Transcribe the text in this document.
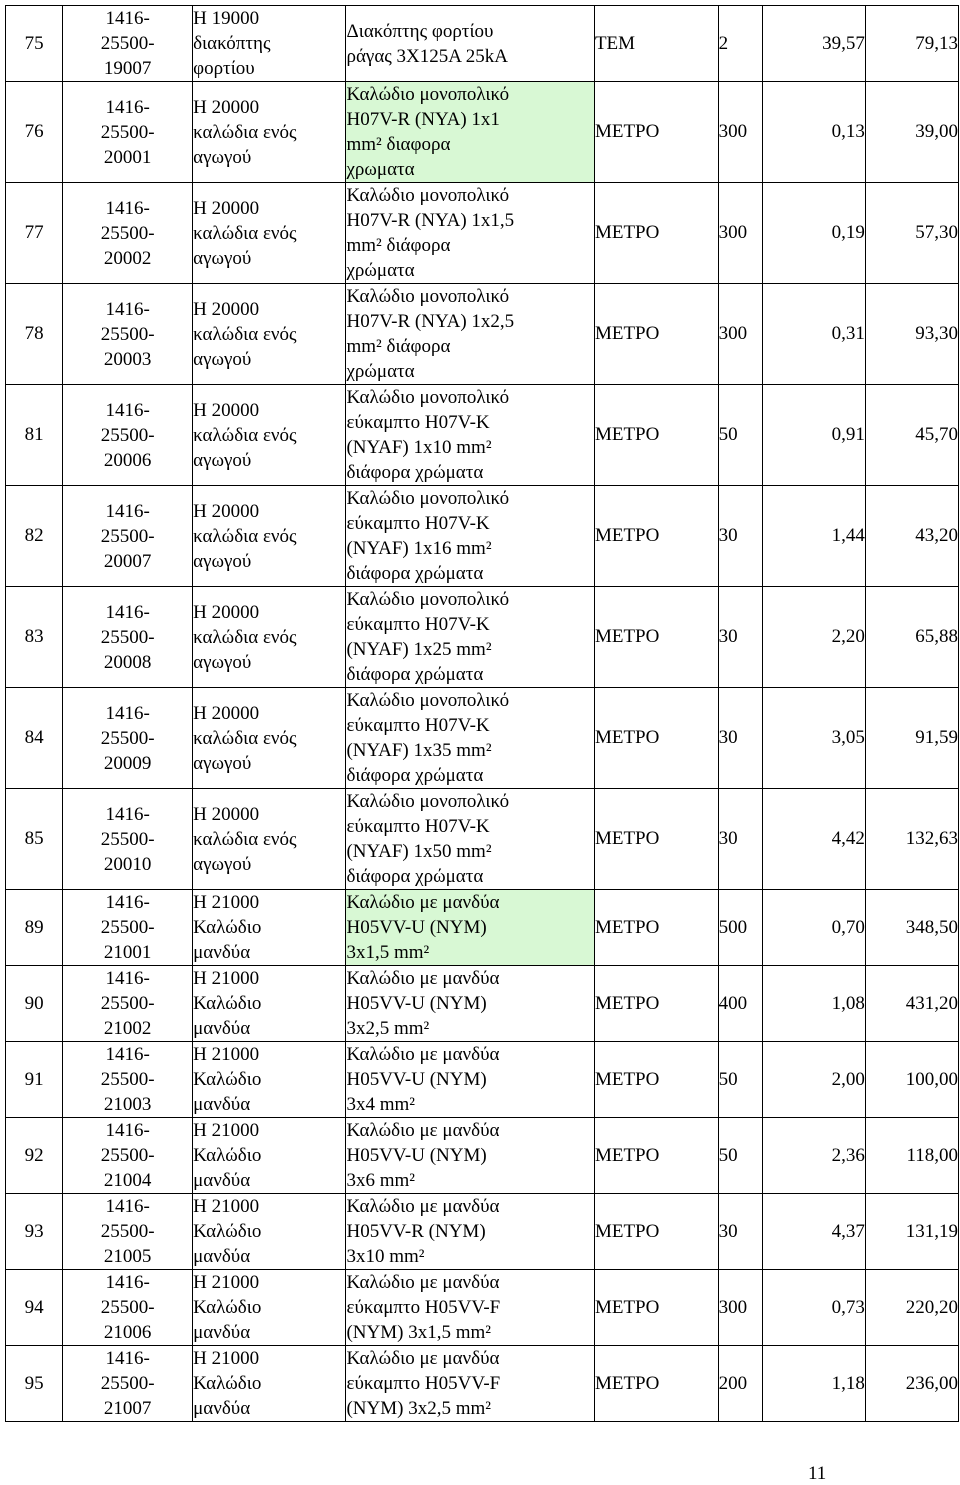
75	1416-
25500-
19007	H 19000
διακόπτης
φορτίου	Διακόπτης φορτίου
ράγας 3X125A 25kA	ΤΕΜ	2	39,57	79,13
76	1416-
25500-
20001	H 20000
καλώδια ενός
αγωγού	Καλώδιο μονοπολικό
H07V-R (NYA) 1x1
mm² διαφορα
χρωματα	ΜΕΤΡΟ	300	0,13	39,00
77	1416-
25500-
20002	H 20000
καλώδια ενός
αγωγού	Καλώδιο μονοπολικό
H07V-R (NYA) 1x1,5
mm² διάφορα
χρώματα	ΜΕΤΡΟ	300	0,19	57,30
78	1416-
25500-
20003	H 20000
καλώδια ενός
αγωγού	Καλώδιο μονοπολικό
H07V-R (NYA) 1x2,5
mm² διάφορα
χρώματα	ΜΕΤΡΟ	300	0,31	93,30
81	1416-
25500-
20006	H 20000
καλώδια ενός
αγωγού	Καλώδιο μονοπολικό
εύκαμπτο H07V-K
(NYAF) 1x10 mm²
διάφορα χρώματα	ΜΕΤΡΟ	50	0,91	45,70
82	1416-
25500-
20007	H 20000
καλώδια ενός
αγωγού	Καλώδιο μονοπολικό
εύκαμπτο H07V-K
(NYAF) 1x16 mm²
διάφορα χρώματα	ΜΕΤΡΟ	30	1,44	43,20
83	1416-
25500-
20008	H 20000
καλώδια ενός
αγωγού	Καλώδιο μονοπολικό
εύκαμπτο H07V-K
(NYAF) 1x25 mm²
διάφορα χρώματα	ΜΕΤΡΟ	30	2,20	65,88
84	1416-
25500-
20009	H 20000
καλώδια ενός
αγωγού	Καλώδιο μονοπολικό
εύκαμπτο H07V-K
(NYAF) 1x35 mm²
διάφορα χρώματα	ΜΕΤΡΟ	30	3,05	91,59
85	1416-
25500-
20010	H 20000
καλώδια ενός
αγωγού	Καλώδιο μονοπολικό
εύκαμπτο H07V-K
(NYAF) 1x50 mm²
διάφορα χρώματα	ΜΕΤΡΟ	30	4,42	132,63
89	1416-
25500-
21001	H 21000
Καλώδιο
μανδύα	Καλώδιο με μανδύα
H05VV-U (NYM)
3x1,5 mm²	ΜΕΤΡΟ	500	0,70	348,50
90	1416-
25500-
21002	H 21000
Καλώδιο
μανδύα	Καλώδιο με μανδύα
H05VV-U (NYM)
3x2,5 mm²	ΜΕΤΡΟ	400	1,08	431,20
91	1416-
25500-
21003	H 21000
Καλώδιο
μανδύα	Καλώδιο με μανδύα
H05VV-U (NYM)
3x4 mm²	ΜΕΤΡΟ	50	2,00	100,00
92	1416-
25500-
21004	H 21000
Καλώδιο
μανδύα	Καλώδιο με μανδύα
H05VV-U (NYM)
3x6 mm²	ΜΕΤΡΟ	50	2,36	118,00
93	1416-
25500-
21005	H 21000
Καλώδιο
μανδύα	Καλώδιο με μανδύα
H05VV-R (NYM)
3x10 mm²	ΜΕΤΡΟ	30	4,37	131,19
94	1416-
25500-
21006	H 21000
Καλώδιο
μανδύα	Καλώδιο με μανδύα
εύκαμπτο H05VV-F
(NYM) 3x1,5 mm²	ΜΕΤΡΟ	300	0,73	220,20
95	1416-
25500-
21007	H 21000
Καλώδιο
μανδύα	Καλώδιο με μανδύα
εύκαμπτο H05VV-F
(NYM) 3x2,5 mm²	ΜΕΤΡΟ	200	1,18	236,00
11
